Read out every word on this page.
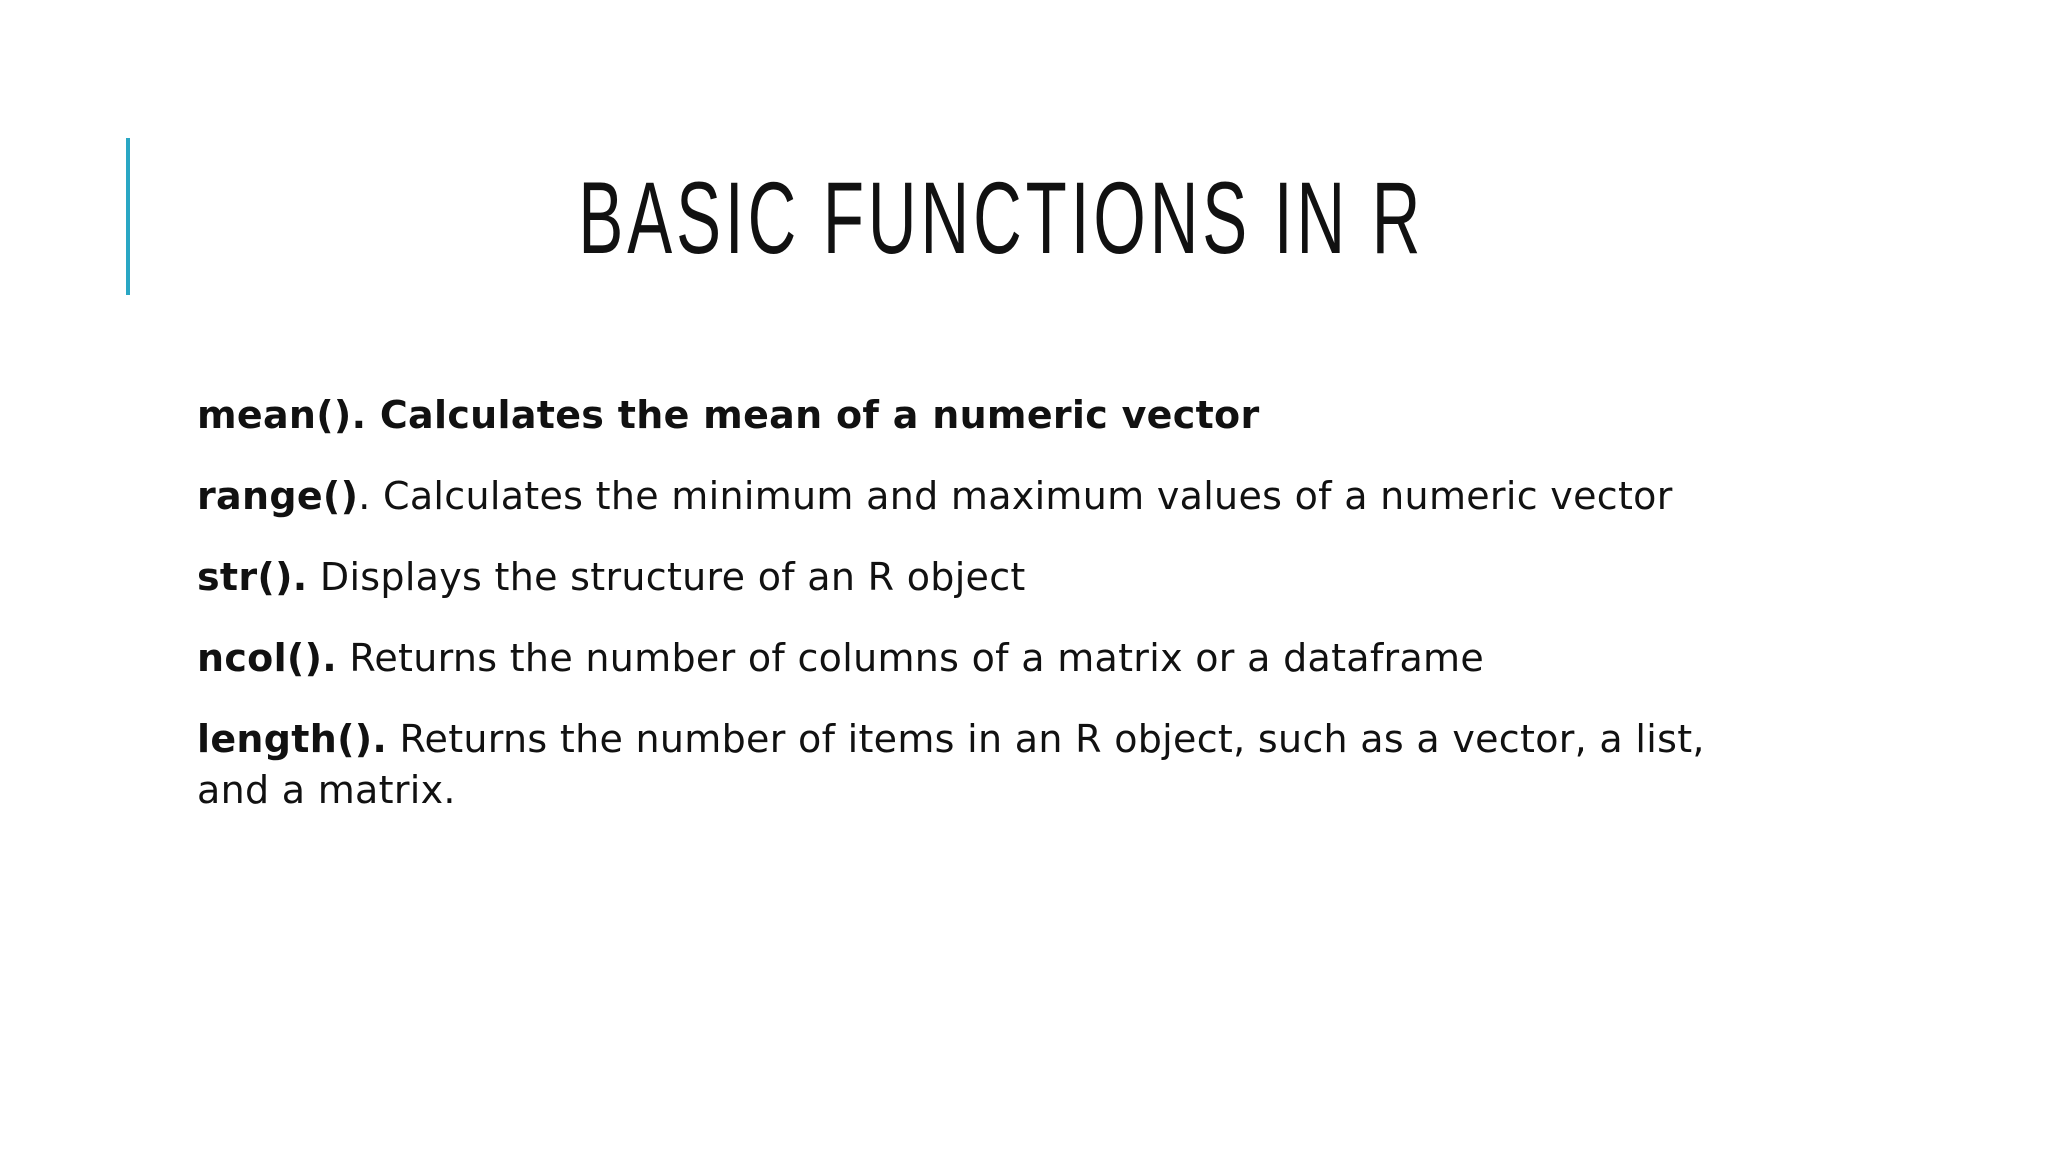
BASIC FUNCTIONS IN R

mean(). Calculates the mean of a numeric vector

range(). Calculates the minimum and maximum values of a numeric vector

str(). Displays the structure of an R object

ncol(). Returns the number of columns of a matrix or a dataframe

length(). Returns the number of items in an R object, such as a vector, a list, and a matrix.
